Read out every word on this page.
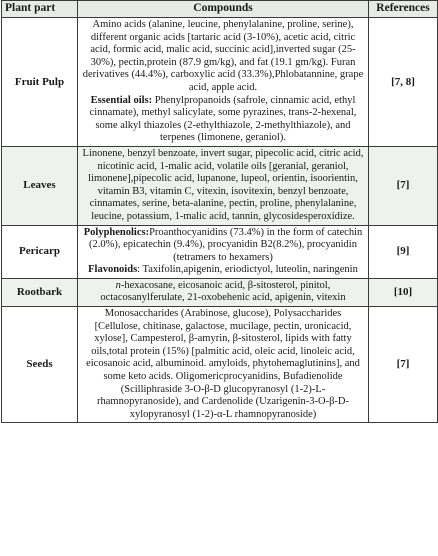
Plant part	Compounds	References
Fruit Pulp	Amino acids (alanine, leucine, phenylalanine, proline, serine), different organic acids [tartaric acid (3-10%), acetic acid, citric acid, formic acid, malic acid, succinic acid],inverted sugar (25-30%), pectin,protein (87.9 gm/kg), and fat (19.1 gm/kg). Furan derivatives (44.4%), carboxylic acid (33.3%),Phlobatannine, grape acid, apple acid.
Essential oils: Phenylpropanoids (safrole, cinnamic acid, ethyl cinnamate), methyl salicylate, some pyrazines, trans-2-hexenal, some alkyl thiazoles (2-ethylthiazole, 2-methylthiazole), and terpenes (limonene, geraniol).	[7, 8]
Leaves	Linonene, benzyl benzoate, invert sugar, pipecolic acid, citric acid, nicotinic acid, 1-malic acid, volatile oils [geranial, geraniol, limonene],pipecolic acid, lupanone, lupeol, orientin, isoorientin, vitamin B3, vitamin C, vitexin, isovitexin, benzyl benzoate, cinnamates, serine, beta-alanine, pectin, proline, phenylalanine, leucine, potassium, 1-malic acid, tannin, glycosidesperoxidize.	[7]
Pericarp	Polyphenolics:Proanthocyanidins (73.4%) in the form of catechin (2.0%), epicatechin (9.4%), procyanidin B2(8.2%), procyanidin (tetramers to hexamers)
Flavonoids: Taxifolin,apigenin, eriodictyol, luteolin, naringenin	[9]
Rootbark	n-hexacosane, eicosanoic acid, β-sitosterol, pinitol, octacosanylferulate, 21-oxobehenic acid, apigenin, vitexin	[10]
Seeds	Monosaccharides (Arabinose, glucose), Polysaccharides [Cellulose, chitinase, galactose, mucilage, pectin, uronicacid, xylose], Campesterol, β-amyrin, β-sitosterol, lipids with fatty oils,total protein (15%) [palmitic acid, oleic acid, linoleic acid, eicosanoic acid, albuminoid. amyloids, phytohemaglutinins], and some keto acids. Oligomericprocyanidins, Bufadienolide (Scilliphraside 3-O-β-D glucopyranosyl (1-2)-L-rhamnopyranoside), and Cardenolide (Uzarigenin-3-O-β-D-xylopyranosyl (1-2)-α-L rhamnopyranoside)	[7]
